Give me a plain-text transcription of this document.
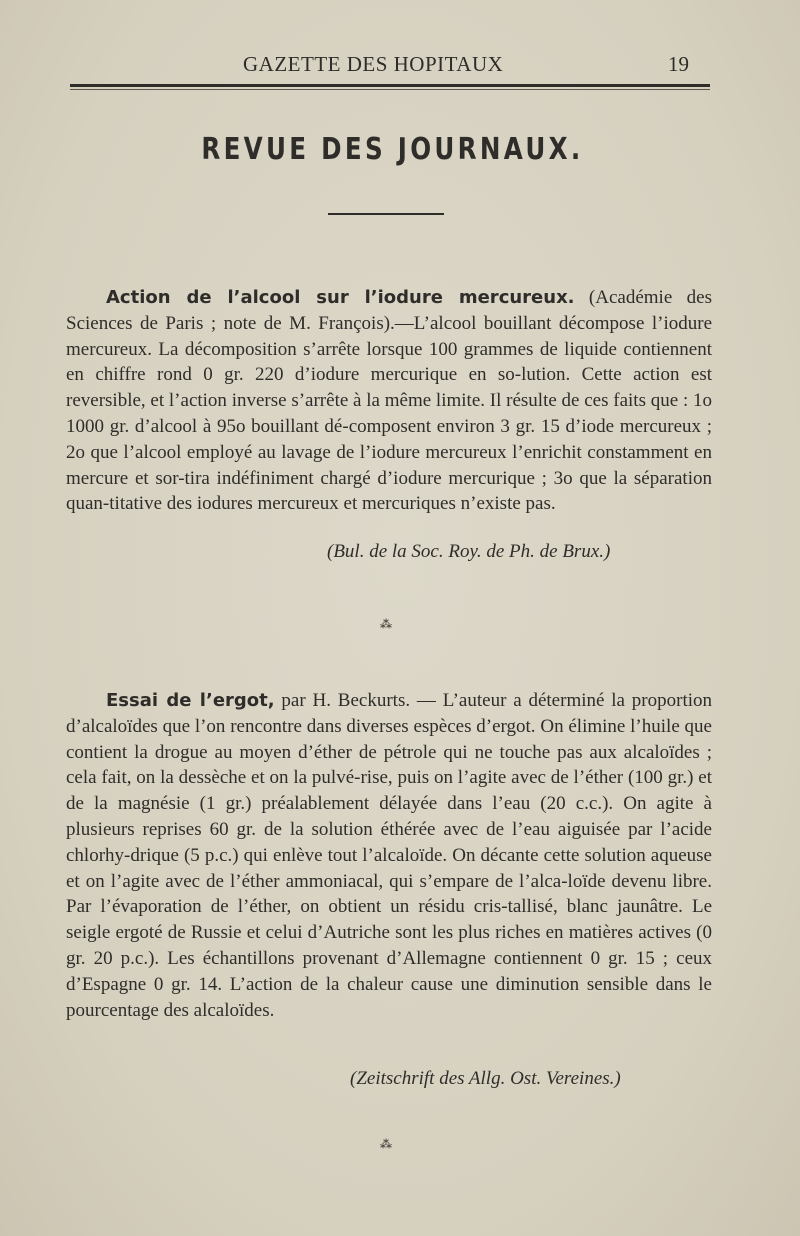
GAZETTE DES HOPITAUX	19
REVUE DES JOURNAUX.
Action de l’alcool sur l’iodure mercureux. (Académie des Sciences de Paris ; note de M. François).—L’alcool bouillant décompose l’iodure mercureux. La décomposition s’arrête lorsque 100 grammes de liquide contiennent en chiffre rond 0 gr. 220 d’iodure mercurique en so-lution. Cette action est reversible, et l’action inverse s’arrête à la même limite. Il résulte de ces faits que : 1o 1000 gr. d’alcool à 95o bouillant dé-composent environ 3 gr. 15 d’iode mercureux ; 2o que l’alcool employé au lavage de l’iodure mercureux l’enrichit constamment en mercure et sor-tira indéfiniment chargé d’iodure mercurique ; 3o que la séparation quan-titative des iodures mercureux et mercuriques n’existe pas.
(Bul. de la Soc. Roy. de Ph. de Brux.)
⁂
Essai de l’ergot, par H. Beckurts. — L’auteur a déterminé la proportion d’alcaloïdes que l’on rencontre dans diverses espèces d’ergot. On élimine l’huile que contient la drogue au moyen d’éther de pétrole qui ne touche pas aux alcaloïdes ; cela fait, on la dessèche et on la pulvé-rise, puis on l’agite avec de l’éther (100 gr.) et de la magnésie (1 gr.) préalablement délayée dans l’eau (20 c.c.). On agite à plusieurs reprises 60 gr. de la solution éthérée avec de l’eau aiguisée par l’acide chlorhy-drique (5 p.c.) qui enlève tout l’alcaloïde. On décante cette solution aqueuse et on l’agite avec de l’éther ammoniacal, qui s’empare de l’alca-loïde devenu libre. Par l’évaporation de l’éther, on obtient un résidu cris-tallisé, blanc jaunâtre. Le seigle ergoté de Russie et celui d’Autriche sont les plus riches en matières actives (0 gr. 20 p.c.). Les échantillons provenant d’Allemagne contiennent 0 gr. 15 ; ceux d’Espagne 0 gr. 14. L’action de la chaleur cause une diminution sensible dans le pourcentage des alcaloïdes.
(Zeitschrift des Allg. Ost. Vereines.)
⁂
